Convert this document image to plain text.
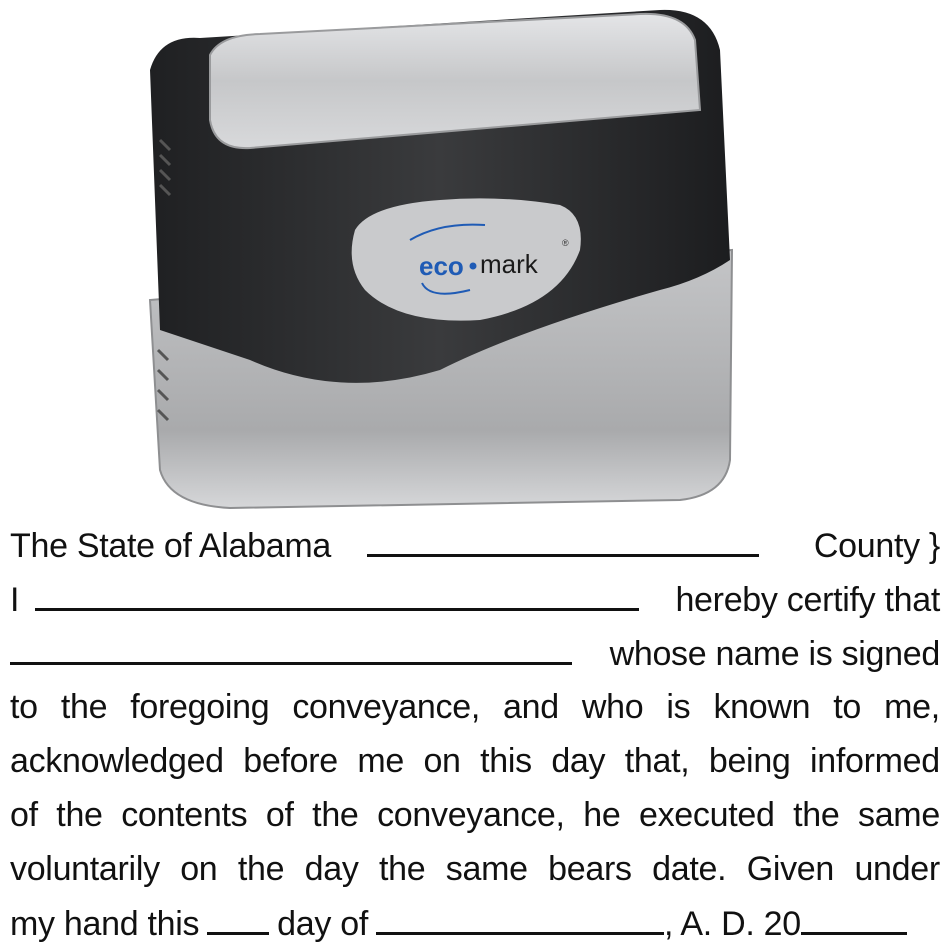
eco mark
®
The State of Alabama	County }
I	hereby certify that
whose name is signed
to the foregoing conveyance, and who is known to me,
acknowledged before me on this day that, being informed
of the contents of the conveyance, he executed the same
voluntarily on the day the same bears date. Given under
my hand this day of	, A. D. 20
